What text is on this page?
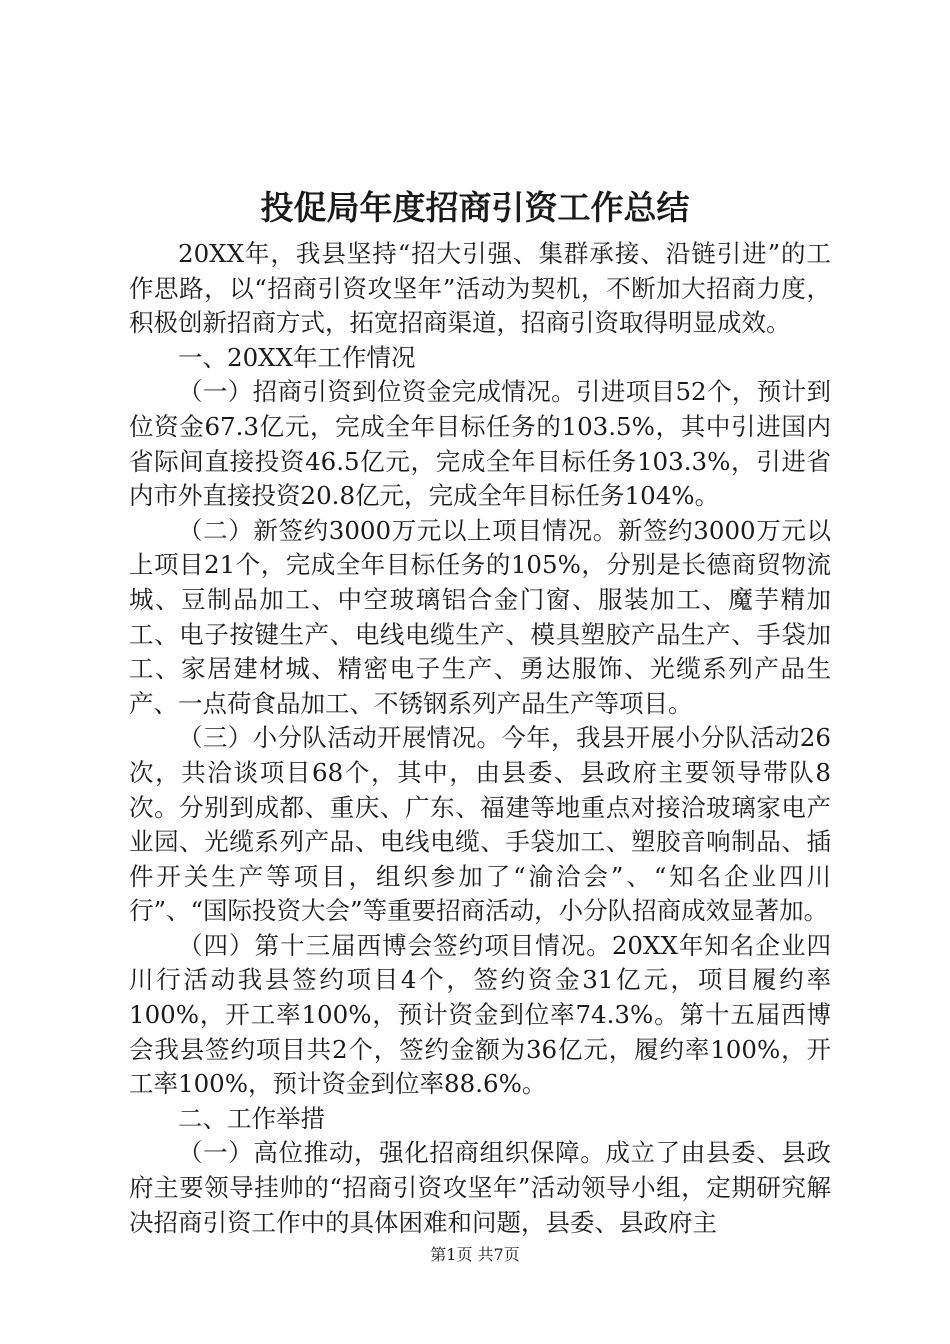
投促局年度招商引资工作总结

20XX年，我县坚持“招大引强、集群承接、沿链引进”的工作思路，以“招商引资攻坚年”活动为契机，不断加大招商力度，积极创新招商方式，拓宽招商渠道，招商引资取得明显成效。

一、20XX年工作情况

（一）招商引资到位资金完成情况。引进项目52个，预计到位资金67.3亿元，完成全年目标任务的103.5%，其中引进国内省际间直接投资46.5亿元，完成全年目标任务103.3%，引进省内市外直接投资20.8亿元，完成全年目标任务104%。

（二）新签约3000万元以上项目情况。新签约3000万元以上项目21个，完成全年目标任务的105%，分别是长德商贸物流城、豆制品加工、中空玻璃铝合金门窗、服装加工、魔芋精加工、电子按键生产、电线电缆生产、模具塑胶产品生产、手袋加工、家居建材城、精密电子生产、勇达服饰、光缆系列产品生产、一点荷食品加工、不锈钢系列产品生产等项目。

（三）小分队活动开展情况。今年，我县开展小分队活动26次，共洽谈项目68个，其中，由县委、县政府主要领导带队8次。分别到成都、重庆、广东、福建等地重点对接洽玻璃家电产业园、光缆系列产品、电线电缆、手袋加工、塑胶音响制品、插件开关生产等项目，组织参加了“渝洽会”、“知名企业四川行”、“国际投资大会”等重要招商活动，小分队招商成效显著加。

（四）第十三届西博会签约项目情况。20XX年知名企业四川行活动我县签约项目4个，签约资金31亿元，项目履约率100%，开工率100%，预计资金到位率74.3%。第十五届西博会我县签约项目共2个，签约金额为36亿元，履约率100%，开工率100%，预计资金到位率88.6%。

二、工作举措

（一）高位推动，强化招商组织保障。成立了由县委、县政府主要领导挂帅的“招商引资攻坚年”活动领导小组，定期研究解决招商引资工作中的具体困难和问题，县委、县政府主

第1页 共7页
